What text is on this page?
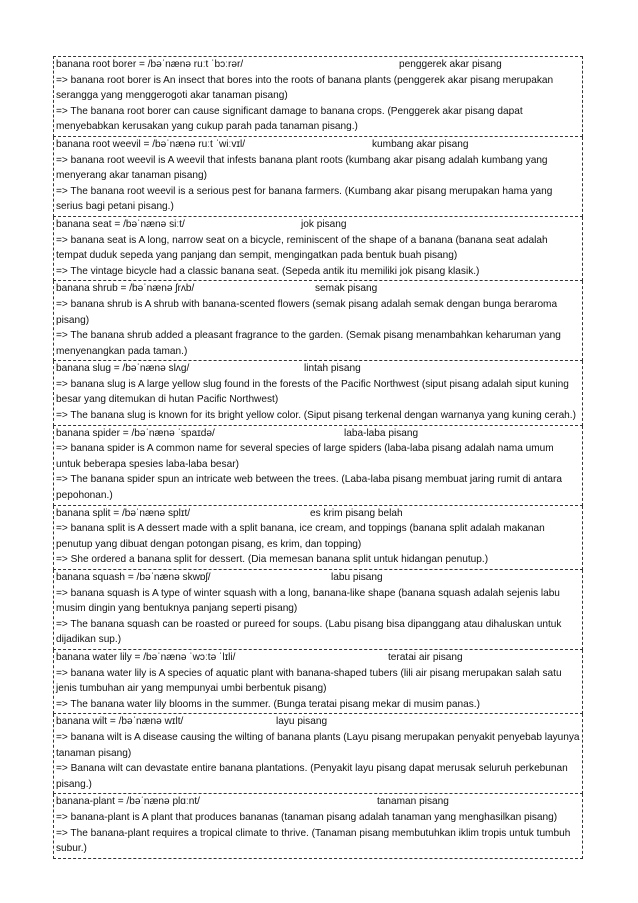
banana root borer = /bəˈnænə ruːt ˈbɔːrər/	penggerek akar pisang
=> banana root borer is An insect that bores into the roots of banana plants (penggerek akar pisang merupakan serangga yang menggerogoti akar tanaman pisang)
=> The banana root borer can cause significant damage to banana crops. (Penggerek akar pisang dapat menyebabkan kerusakan yang cukup parah pada tanaman pisang.)
banana root weevil = /bəˈnænə ruːt ˈwiːvɪl/	kumbang akar pisang
=> banana root weevil is A weevil that infests banana plant roots (kumbang akar pisang adalah kumbang yang menyerang akar tanaman pisang)
=> The banana root weevil is a serious pest for banana farmers. (Kumbang akar pisang merupakan hama yang serius bagi petani pisang.)
banana seat = /bəˈnænə siːt/	jok pisang
=> banana seat is A long, narrow seat on a bicycle, reminiscent of the shape of a banana (banana seat adalah tempat duduk sepeda yang panjang dan sempit, mengingatkan pada bentuk buah pisang)
=> The vintage bicycle had a classic banana seat. (Sepeda antik itu memiliki jok pisang klasik.)
banana shrub = /bəˈnænə ʃrʌb/	semak pisang
=> banana shrub is A shrub with banana-scented flowers (semak pisang adalah semak dengan bunga beraroma pisang)
=> The banana shrub added a pleasant fragrance to the garden. (Semak pisang menambahkan keharuman yang menyenangkan pada taman.)
banana slug = /bəˈnænə slʌg/	lintah pisang
=> banana slug is A large yellow slug found in the forests of the Pacific Northwest (siput pisang adalah siput kuning besar yang ditemukan di hutan Pacific Northwest)
=> The banana slug is known for its bright yellow color. (Siput pisang terkenal dengan warnanya yang kuning cerah.)
banana spider = /bəˈnænə ˈspaɪdə/	laba-laba pisang
=> banana spider is A common name for several species of large spiders (laba-laba pisang adalah nama umum untuk beberapa spesies laba-laba besar)
=> The banana spider spun an intricate web between the trees. (Laba-laba pisang membuat jaring rumit di antara pepohonan.)
banana split = /bəˈnænə splɪt/	es krim pisang belah
=> banana split is A dessert made with a split banana, ice cream, and toppings (banana split adalah makanan penutup yang dibuat dengan potongan pisang, es krim, dan topping)
=> She ordered a banana split for dessert. (Dia memesan banana split untuk hidangan penutup.)
banana squash = /bəˈnænə skwɒʃ/	labu pisang
=> banana squash is A type of winter squash with a long, banana-like shape (banana squash adalah sejenis labu musim dingin yang bentuknya panjang seperti pisang)
=> The banana squash can be roasted or pureed for soups. (Labu pisang bisa dipanggang atau dihaluskan untuk dijadikan sup.)
banana water lily = /bəˈnænə ˈwɔːtə ˈlɪli/	teratai air pisang
=> banana water lily is A species of aquatic plant with banana-shaped tubers (lili air pisang merupakan salah satu jenis tumbuhan air yang mempunyai umbi berbentuk pisang)
=> The banana water lily blooms in the summer. (Bunga teratai pisang mekar di musim panas.)
banana wilt = /bəˈnænə wɪlt/	layu pisang
=> banana wilt is A disease causing the wilting of banana plants (Layu pisang merupakan penyakit penyebab layunya tanaman pisang)
=> Banana wilt can devastate entire banana plantations. (Penyakit layu pisang dapat merusak seluruh perkebunan pisang.)
banana-plant = /bəˈnænə plɑːnt/	tanaman pisang
=> banana-plant is A plant that produces bananas (tanaman pisang adalah tanaman yang menghasilkan pisang)
=> The banana-plant requires a tropical climate to thrive. (Tanaman pisang membutuhkan iklim tropis untuk tumbuh subur.)
